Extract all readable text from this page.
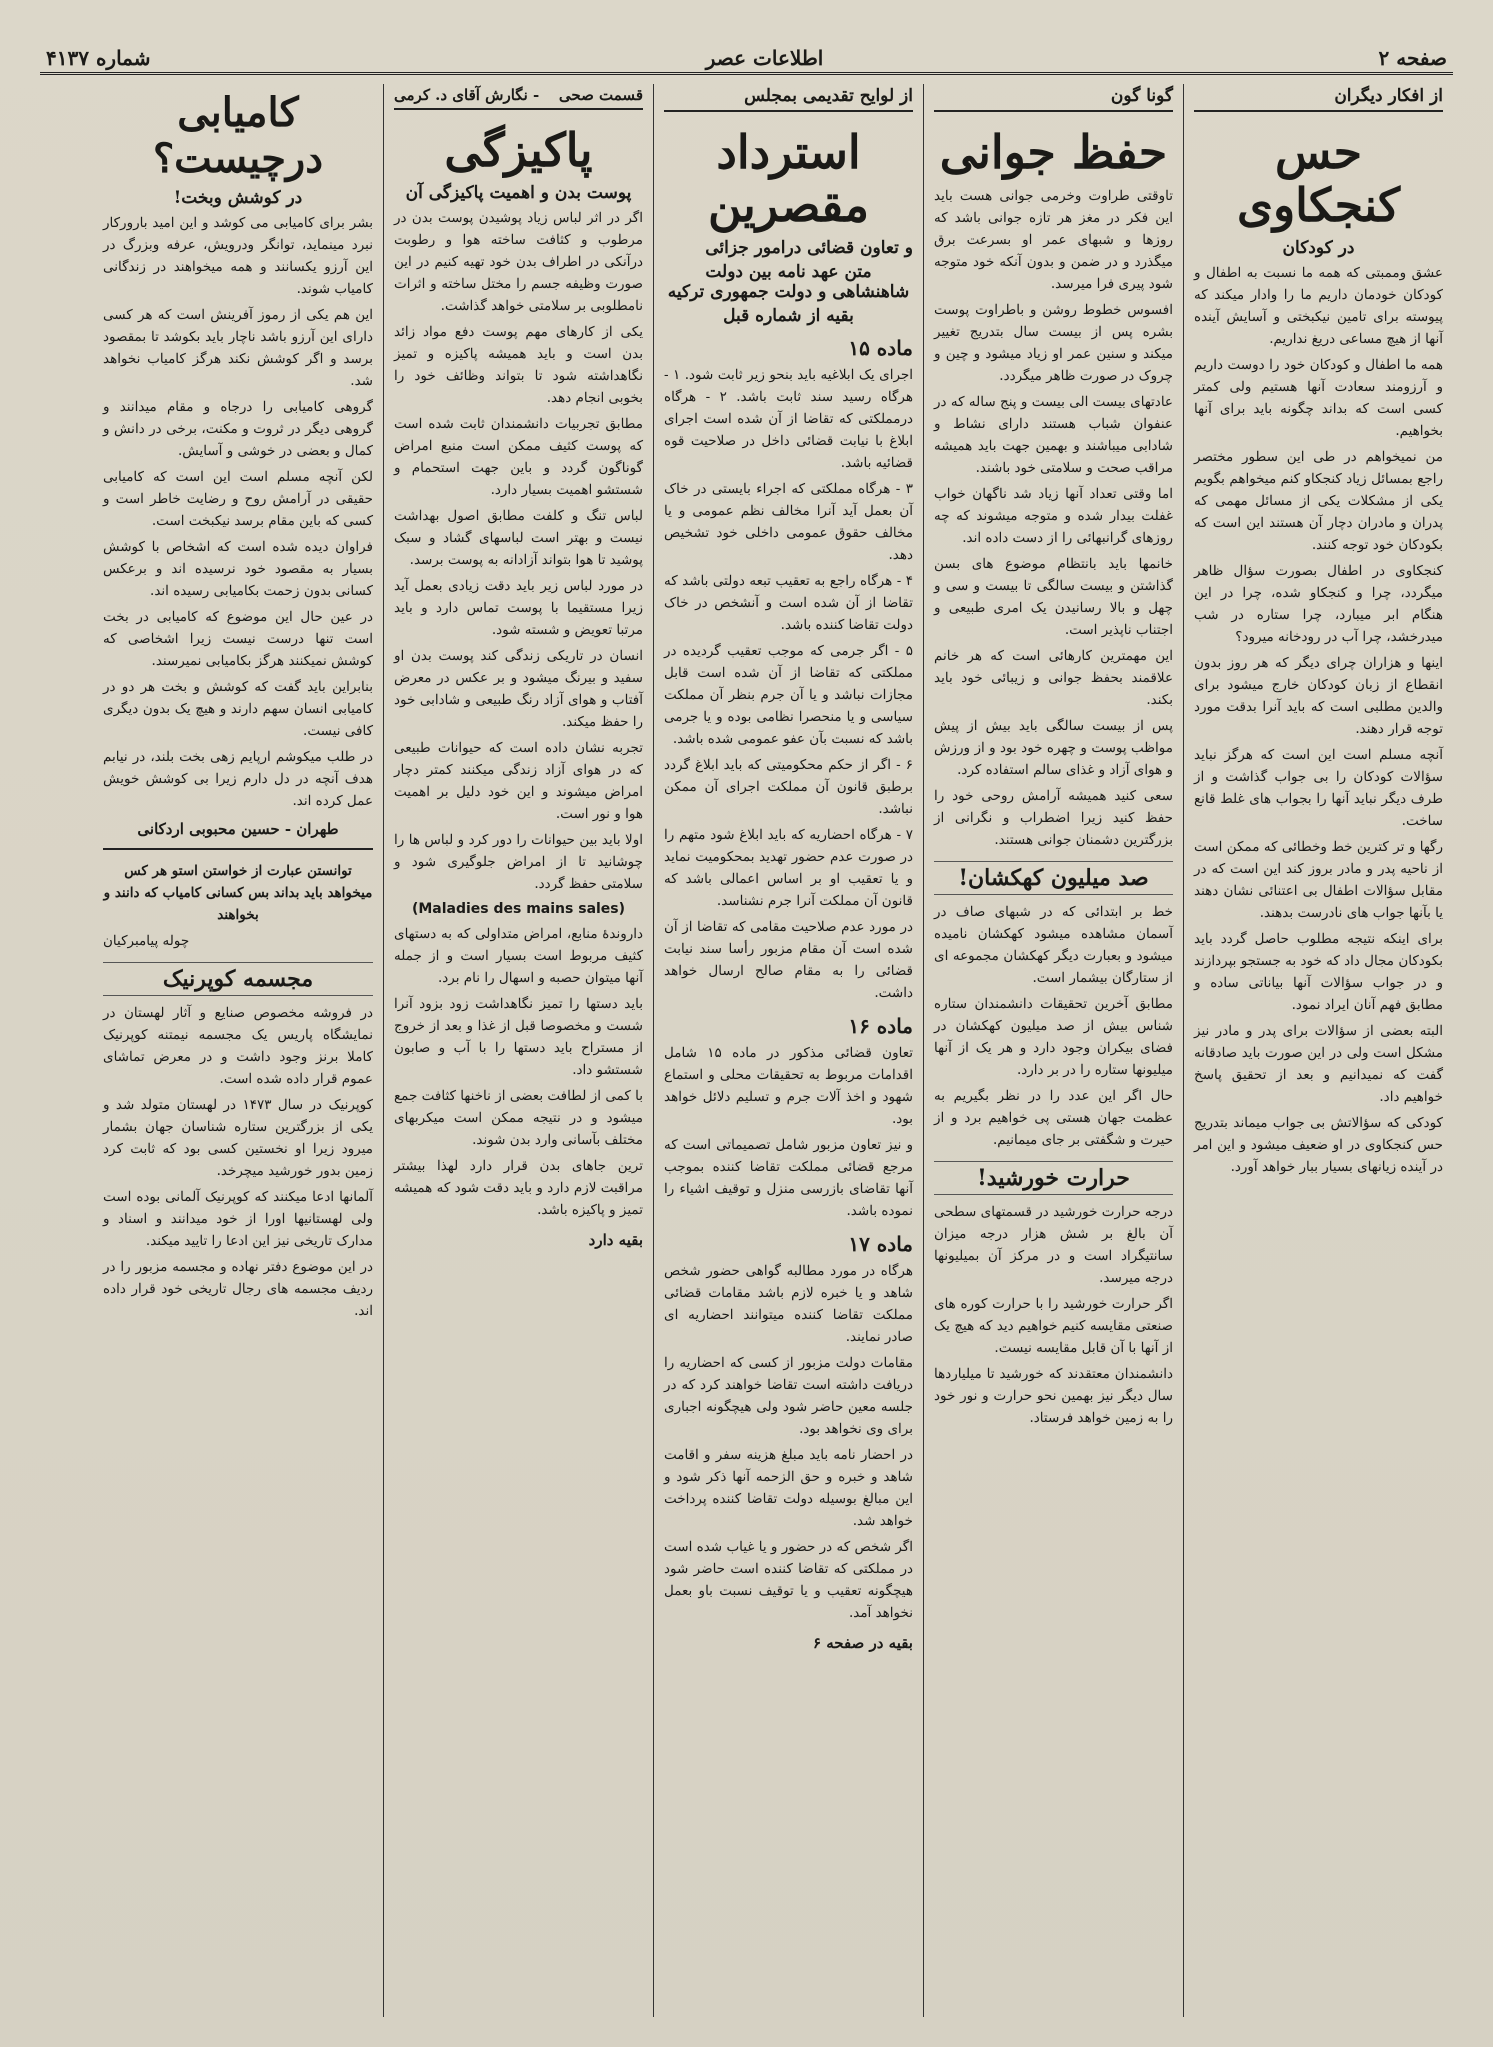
صفحه ۲
اطلاعات عصر
شماره ۴۱۳۷
از افکار دیگران
حس کنجکاوی
در کودکان

عشق وممبتی که همه ما نسبت به اطفال و کودکان خودمان داریم ما را وادار میکند که پیوسته برای تامین نیکبختی و آسایش آینده آنها از هیچ مساعی دریغ نداریم.

همه ما اطفال و کودکان خود را دوست داریم و آرزومند سعادت آنها هستیم ولی کمتر کسی است که بداند چگونه باید برای آنها بخواهیم.

من نمیخواهم در طی این سطور مختصر راجع بمسائل زیاد کنجکاو کنم میخواهم بگویم یکی از مشکلات یکی از مسائل مهمی که پدران و مادران دچار آن هستند این است که بکودکان خود توجه کنند.

کنجکاوی در اطفال بصورت سؤال ظاهر میگردد، چرا و کنجکاو شده، چرا در این هنگام ابر میبارد، چرا ستاره در شب میدرخشد، چرا آب در رودخانه میرود؟

اینها و هزاران چرای دیگر که هر روز بدون انقطاع از زبان کودکان خارج میشود برای والدین مطلبی است که باید آنرا بدقت مورد توجه قرار دهند.

آنچه مسلم است این است که هرگز نباید سؤالات کودکان را بی جواب گذاشت و از طرف دیگر نباید آنها را بجواب های غلط قانع ساخت.

رگها و تر کترین خط وخطائی که ممکن است از ناحیه پدر و مادر بروز کند این است که در مقابل سؤالات اطفال بی اعتنائی نشان دهند یا بآنها جواب های نادرست بدهند.

برای اینکه نتیجه مطلوب حاصل گردد باید بکودکان مجال داد که خود به جستجو بپردازند و در جواب سؤالات آنها بیاناتی ساده و مطابق فهم آنان ایراد نمود.

البته بعضی از سؤالات برای پدر و مادر نیز مشکل است ولی در این صورت باید صادقانه گفت که نمیدانیم و بعد از تحقیق پاسخ خواهیم داد.

کودکی که سؤالاتش بی جواب میماند بتدریج حس کنجکاوی در او ضعیف میشود و این امر در آینده زیانهای بسیار ببار خواهد آورد.

گونا گون
حفظ جوانی

تاوقتی طراوت وخرمی جوانی هست باید این فکر در مغز هر تازه جوانی باشد که روزها و شبهای عمر او بسرعت برق میگذرد و در ضمن و بدون آنکه خود متوجه شود پیری فرا میرسد.

افسوس خطوط روشن و باطراوت پوست بشره پس از بیست سال بتدریج تغییر میکند و سنین عمر او زیاد میشود و چین و چروک در صورت ظاهر میگردد.

عادتهای بیست الی بیست و پنج ساله که در عنفوان شباب هستند دارای نشاط و شادابی میباشند و بهمین جهت باید همیشه مراقب صحت و سلامتی خود باشند.

اما وقتی تعداد آنها زیاد شد ناگهان خواب غفلت بیدار شده و متوجه میشوند که چه روزهای گرانبهائی را از دست داده اند.

خانمها باید بانتظام موضوع های بسن گذاشتن و بیست سالگی تا بیست و سی و چهل و بالا رسانیدن یک امری طبیعی و اجتناب ناپذیر است.

این مهمترین کارهائی است که هر خانم علاقمند بحفظ جوانی و زیبائی خود باید بکند.

پس از بیست سالگی باید بیش از پیش مواظب پوست و چهره خود بود و از ورزش و هوای آزاد و غذای سالم استفاده کرد.

سعی کنید همیشه آرامش روحی خود را حفظ کنید زیرا اضطراب و نگرانی از بزرگترین دشمنان جوانی هستند.

صد میلیون کهکشان!

خط بر ابتدائی که در شبهای صاف در آسمان مشاهده میشود کهکشان نامیده میشود و بعبارت دیگر کهکشان مجموعه ای از ستارگان بیشمار است.

مطابق آخرین تحقیقات دانشمندان ستاره شناس بیش از صد میلیون کهکشان در فضای بیکران وجود دارد و هر یک از آنها میلیونها ستاره را در بر دارد.

حال اگر این عدد را در نظر بگیریم به عظمت جهان هستی پی خواهیم برد و از حیرت و شگفتی بر جای میمانیم.

حرارت خورشید!

درجه حرارت خورشید در قسمتهای سطحی آن بالغ بر شش هزار درجه میزان سانتیگراد است و در مرکز آن بمیلیونها درجه میرسد.

اگر حرارت خورشید را با حرارت کوره های صنعتی مقایسه کنیم خواهیم دید که هیچ یک از آنها با آن قابل مقایسه نیست.

دانشمندان معتقدند که خورشید تا میلیاردها سال دیگر نیز بهمین نحو حرارت و نور خود را به زمین خواهد فرستاد.

از لوایح تقدیمی بمجلس
استرداد مقصرین
و تعاون قضائی درامور جزائی
متن عهد نامه بین دولت شاهنشاهی و دولت جمهوری ترکیه
بقیه از شماره قبل
ماده ۱۵

اجرای یک ابلاغیه باید بنحو زیر ثابت شود. ۱ - هرگاه رسید سند ثابت باشد. ۲ - هرگاه درمملکتی که تقاضا از آن شده است اجرای ابلاغ با نیابت قضائی داخل در صلاحیت قوه قضائیه باشد.

۳ - هرگاه مملکتی که اجراء بایستی در خاک آن بعمل آید آنرا مخالف نظم عمومی و یا مخالف حقوق عمومی داخلی خود تشخیص دهد.

۴ - هرگاه راجع به تعقیب تبعه دولتی باشد که تقاضا از آن شده است و آنشخص در خاک دولت تقاضا کننده باشد.

۵ - اگر جرمی که موجب تعقیب گردیده در مملکتی که تقاضا از آن شده است قابل مجازات نباشد و یا آن جرم بنظر آن مملکت سیاسی و یا منحصرا نظامی بوده و یا جرمی باشد که نسبت بآن عفو عمومی شده باشد.

۶ - اگر از حکم محکومیتی که باید ابلاغ گردد برطبق قانون آن مملکت اجرای آن ممکن نباشد.

۷ - هرگاه احضاریه که باید ابلاغ شود متهم را در صورت عدم حضور تهدید بمحکومیت نماید و یا تعقیب او بر اساس اعمالی باشد که قانون آن مملکت آنرا جرم نشناسد.

در مورد عدم صلاحیت مقامی که تقاضا از آن شده است آن مقام مزبور رأسا سند نیابت قضائی را به مقام صالح ارسال خواهد داشت.

ماده ۱۶

تعاون قضائی مذکور در ماده ۱۵ شامل اقدامات مربوط به تحقیقات محلی و استماع شهود و اخذ آلات جرم و تسلیم دلائل خواهد بود.

و نیز تعاون مزبور شامل تصمیماتی است که مرجع قضائی مملکت تقاضا کننده بموجب آنها تقاضای بازرسی منزل و توقیف اشیاء را نموده باشد.

ماده ۱۷

هرگاه در مورد مطالبه گواهی حضور شخص شاهد و یا خبره لازم باشد مقامات قضائی مملکت تقاضا کننده میتوانند احضاریه ای صادر نمایند.

مقامات دولت مزبور از کسی که احضاریه را دریافت داشته است تقاضا خواهند کرد که در جلسه معین حاضر شود ولی هیچگونه اجباری برای وی نخواهد بود.

در احضار نامه باید مبلغ هزینه سفر و اقامت شاهد و خبره و حق الزحمه آنها ذکر شود و این مبالغ بوسیله دولت تقاضا کننده پرداخت خواهد شد.

اگر شخص که در حضور و یا غیاب شده است در مملکتی که تقاضا کننده است حاضر شود هیچگونه تعقیب و یا توقیف نسبت باو بعمل نخواهد آمد.

بقیه در صفحه ۶
قسمت صحی
- نگارش آقای د. کرمی
پاکیزگی
پوست بدن و اهمیت پاکیزگی آن

اگر در اثر لباس زیاد پوشیدن پوست بدن در مرطوب و کثافت ساخته هوا و رطوبت درآنکی در اطراف بدن خود تهیه کنیم در این صورت وظیفه جسم را مختل ساخته و اثرات نامطلوبی بر سلامتی خواهد گذاشت.

یکی از کارهای مهم پوست دفع مواد زائد بدن است و باید همیشه پاکیزه و تمیز نگاهداشته شود تا بتواند وظائف خود را بخوبی انجام دهد.

مطابق تجربیات دانشمندان ثابت شده است که پوست کثیف ممکن است منبع امراض گوناگون گردد و باین جهت استحمام و شستشو اهمیت بسیار دارد.

لباس تنگ و کلفت مطابق اصول بهداشت نیست و بهتر است لباسهای گشاد و سبک پوشید تا هوا بتواند آزادانه به پوست برسد.

در مورد لباس زیر باید دقت زیادی بعمل آید زیرا مستقیما با پوست تماس دارد و باید مرتبا تعویض و شسته شود.

انسان در تاریکی زندگی کند پوست بدن او سفید و بیرنگ میشود و بر عکس در معرض آفتاب و هوای آزاد رنگ طبیعی و شادابی خود را حفظ میکند.

تجربه نشان داده است که حیوانات طبیعی که در هوای آزاد زندگی میکنند کمتر دچار امراض میشوند و این خود دلیل بر اهمیت هوا و نور است.

اولا باید بین حیوانات را دور کرد و لباس ها را چوشانید تا از امراض جلوگیری شود و سلامتی حفظ گردد.

(Maladies des mains sales)

داروندۀ منابع، امراض متداولی که به دستهای کثیف مربوط است بسیار است و از جمله آنها میتوان حصبه و اسهال را نام برد.

باید دستها را تمیز نگاهداشت زود بزود آنرا شست و مخصوصا قبل از غذا و بعد از خروج از مستراح باید دستها را با آب و صابون شستشو داد.

با کمی از لطافت بعضی از ناخنها کثافت جمع میشود و در نتیجه ممکن است میکربهای مختلف بآسانی وارد بدن شوند.

ترین جاهای بدن قرار دارد لهذا بیشتر مراقبت لازم دارد و باید دقت شود که همیشه تمیز و پاکیزه باشد.

بقیه دارد
کامیابی درچیست؟
در کوشش وبخت!

بشر برای کامیابی می کوشد و این امید بارورکار نبرد مینماید، توانگر ودرویش، عرفه وبزرگ در این آرزو یکسانند و همه میخواهند در زندگانی کامیاب شوند.

این هم یکی از رموز آفرینش است که هر کسی دارای این آرزو باشد ناچار باید بکوشد تا بمقصود برسد و اگر کوشش نکند هرگز کامیاب نخواهد شد.

گروهی کامیابی را درجاه و مقام میدانند و گروهی دیگر در ثروت و مکنت، برخی در دانش و کمال و بعضی در خوشی و آسایش.

لکن آنچه مسلم است این است که کامیابی حقیقی در آرامش روح و رضایت خاطر است و کسی که باین مقام برسد نیکبخت است.

فراوان دیده شده است که اشخاص با کوشش بسیار به مقصود خود نرسیده اند و برعکس کسانی بدون زحمت بکامیابی رسیده اند.

در عین حال این موضوع که کامیابی در بخت است تنها درست نیست زیرا اشخاصی که کوشش نمیکنند هرگز بکامیابی نمیرسند.

بنابراین باید گفت که کوشش و بخت هر دو در کامیابی انسان سهم دارند و هیچ یک بدون دیگری کافی نیست.

در طلب میکوشم ارپایم زهی بخت بلند، در نیابم هدف آنچه در دل دارم زیرا بی کوشش خویش عمل کرده اند.

طهران - حسین محبوبی اردکانی
توانستن عبارت از خواستن استو هر کس میخواهد باید بداند بس کسانی کامیاب که دانند و بخواهند
چوله پیامبرکیان
مجسمه کوپرنیک

در فروشه مخصوص صنایع و آثار لهستان در نمایشگاه پاریس یک مجسمه نیمتنه کوپرنیک کاملا برنز وجود داشت و در معرض تماشای عموم قرار داده شده است.

کوپرنیک در سال ۱۴۷۳ در لهستان متولد شد و یکی از بزرگترین ستاره شناسان جهان بشمار میرود زیرا او نخستین کسی بود که ثابت کرد زمین بدور خورشید میچرخد.

آلمانها ادعا میکنند که کوپرنیک آلمانی بوده است ولی لهستانیها اورا از خود میدانند و اسناد و مدارک تاریخی نیز این ادعا را تایید میکند.

در این موضوع دفتر نهاده و مجسمه مزبور را در ردیف مجسمه های رجال تاریخی خود قرار داده اند.
